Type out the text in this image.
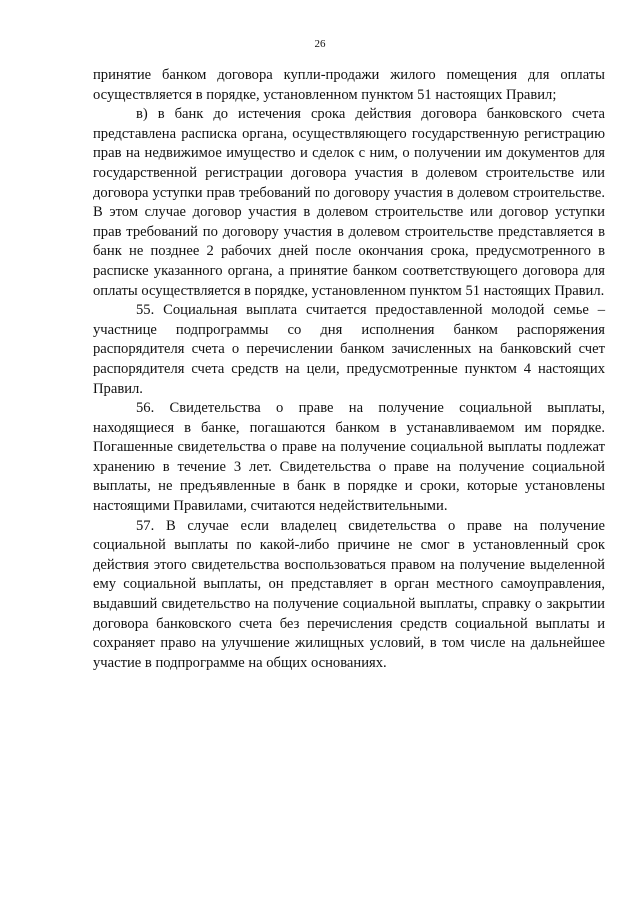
26

принятие банком договора купли-продажи жилого помещения для оплаты осуществляется в порядке, установленном пунктом 51 настоящих Правил;

в) в банк до истечения срока действия договора банковского счета представлена расписка органа, осуществляющего государственную регистрацию прав на недвижимое имущество и сделок с ним, о получении им документов для государственной регистрации договора участия в долевом строительстве или договора уступки прав требований по договору участия в долевом строительстве. В этом случае договор участия в долевом строительстве или договор уступки прав требований по договору участия в долевом строительстве представляется в банк не позднее 2 рабочих дней после окончания срока, предусмотренного в расписке указанного органа, а принятие банком соответствующего договора для оплаты осуществляется в порядке, установленном пунктом 51 настоящих Правил.

55. Социальная выплата считается предоставленной молодой семье – участнице подпрограммы со дня исполнения банком распоряжения распорядителя счета о перечислении банком зачисленных на банковский счет распорядителя счета средств на цели, предусмотренные пунктом 4 настоящих Правил.

56. Свидетельства о праве на получение социальной выплаты, находящиеся в банке, погашаются банком в устанавливаемом им порядке. Погашенные свидетельства о праве на получение социальной выплаты подлежат хранению в течение 3 лет. Свидетельства о праве на получение социальной выплаты, не предъявленные в банк в порядке и сроки, которые установлены настоящими Правилами, считаются недействительными.

57. В случае если владелец свидетельства о праве на получение социальной выплаты по какой-либо причине не смог в установленный срок действия этого свидетельства воспользоваться правом на получение выделенной ему социальной выплаты, он представляет в орган местного самоуправления, выдавший свидетельство на получение социальной выплаты, справку о закрытии договора банковского счета без перечисления средств социальной выплаты и сохраняет право на улучшение жилищных условий, в том числе на дальнейшее участие в подпрограмме на общих основаниях.
